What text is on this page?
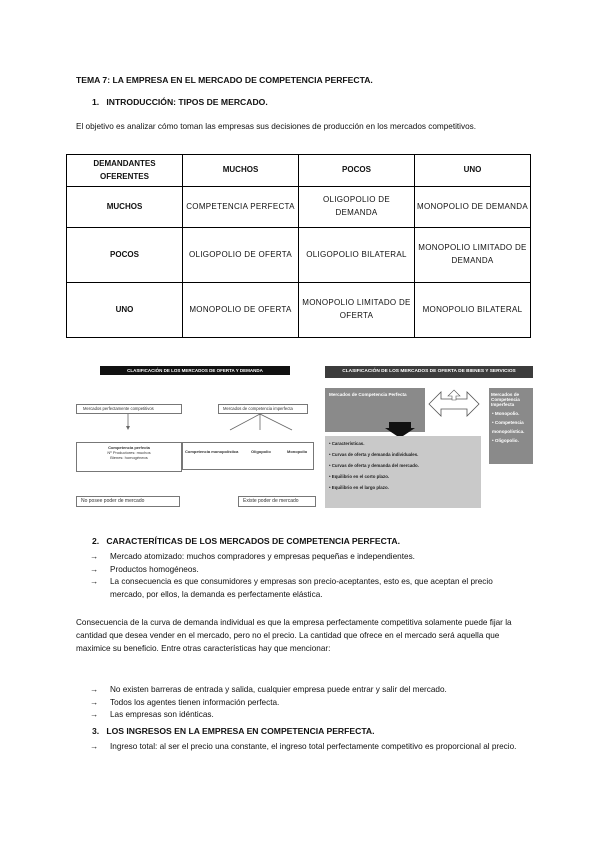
TEMA 7: LA EMPRESA EN EL MERCADO DE COMPETENCIA PERFECTA.
1. INTRODUCCIÓN: TIPOS DE MERCADO.
El objetivo es analizar cómo toman las empresas sus decisiones de producción en los mercados competitivos.
DEMANDANTES
OFERENTES	MUCHOS	POCOS	UNO
MUCHOS	COMPETENCIA PERFECTA	OLIGOPOLIO DE DEMANDA	MONOPOLIO DE DEMANDA
POCOS	OLIGOPOLIO DE OFERTA	OLIGOPOLIO BILATERAL	MONOPOLIO LIMITADO DE DEMANDA
UNO	MONOPOLIO DE OFERTA	MONOPOLIO LIMITADO DE OFERTA	MONOPOLIO BILATERAL
CLASIFICACIÓN DE LOS MERCADOS DE OFERTA Y DEMANDA
Mercados perfectamente competitivos	Mercados de competencia imperfecta
Competencia perfecta
Nº Productores: muchos
Bienes: homogéneos
Competencia monopolística	Oligopolio	Monopolio
No posee poder de mercado	Existe poder de mercado
CLASIFICACIÓN DE LOS MERCADOS DE OFERTA DE BIENES Y SERVICIOS
Mercados de Competencia Perfecta	Mercados de Competencia Imperfecta
• Monopolio.
• Competencia monopolística.
• Oligopolio.
• Características.
• Curvas de oferta y demanda individuales.
• Curvas de oferta y demanda del mercado.
• Equilibrio en el corto plazo.
• Equilibrio en el largo plazo.
2. CARACTERÍTICAS DE LOS MERCADOS DE COMPETENCIA PERFECTA.
→ Mercado atomizado: muchos compradores y empresas pequeñas e independientes.
→ Productos homogéneos.
→ La consecuencia es que consumidores y empresas son precio-aceptantes, esto es, que aceptan el precio mercado, por ellos, la demanda es perfectamente elástica.
Consecuencia de la curva de demanda individual es que la empresa perfectamente competitiva solamente puede fijar la cantidad que desea vender en el mercado, pero no el precio. La cantidad que ofrece en el mercado será aquella que maximice su beneficio. Entre otras características hay que mencionar:
→ No existen barreras de entrada y salida, cualquier empresa puede entrar y salir del mercado.
→ Todos los agentes tienen información perfecta.
→ Las empresas son idénticas.
3. LOS INGRESOS EN LA EMPRESA EN COMPETENCIA PERFECTA.
→ Ingreso total: al ser el precio una constante, el ingreso total perfectamente competitivo es proporcional al precio.
